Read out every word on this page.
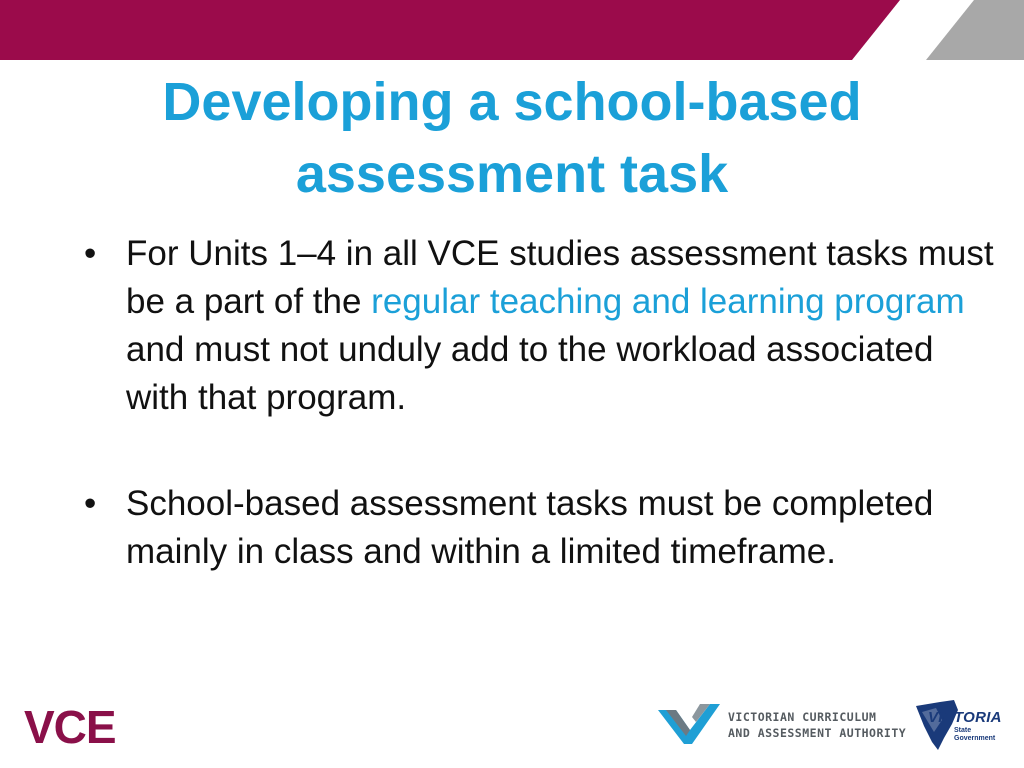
Developing a school-based assessment task
• For Units 1–4 in all VCE studies assessment tasks must be a part of the regular teaching and learning program and must not unduly add to the workload associated with that program.
• School-based assessment tasks must be completed mainly in class and within a limited timeframe.
VCE	VICTORIAN CURRICULUM
AND ASSESSMENT AUTHORITY
VICTORIA
State
Government
